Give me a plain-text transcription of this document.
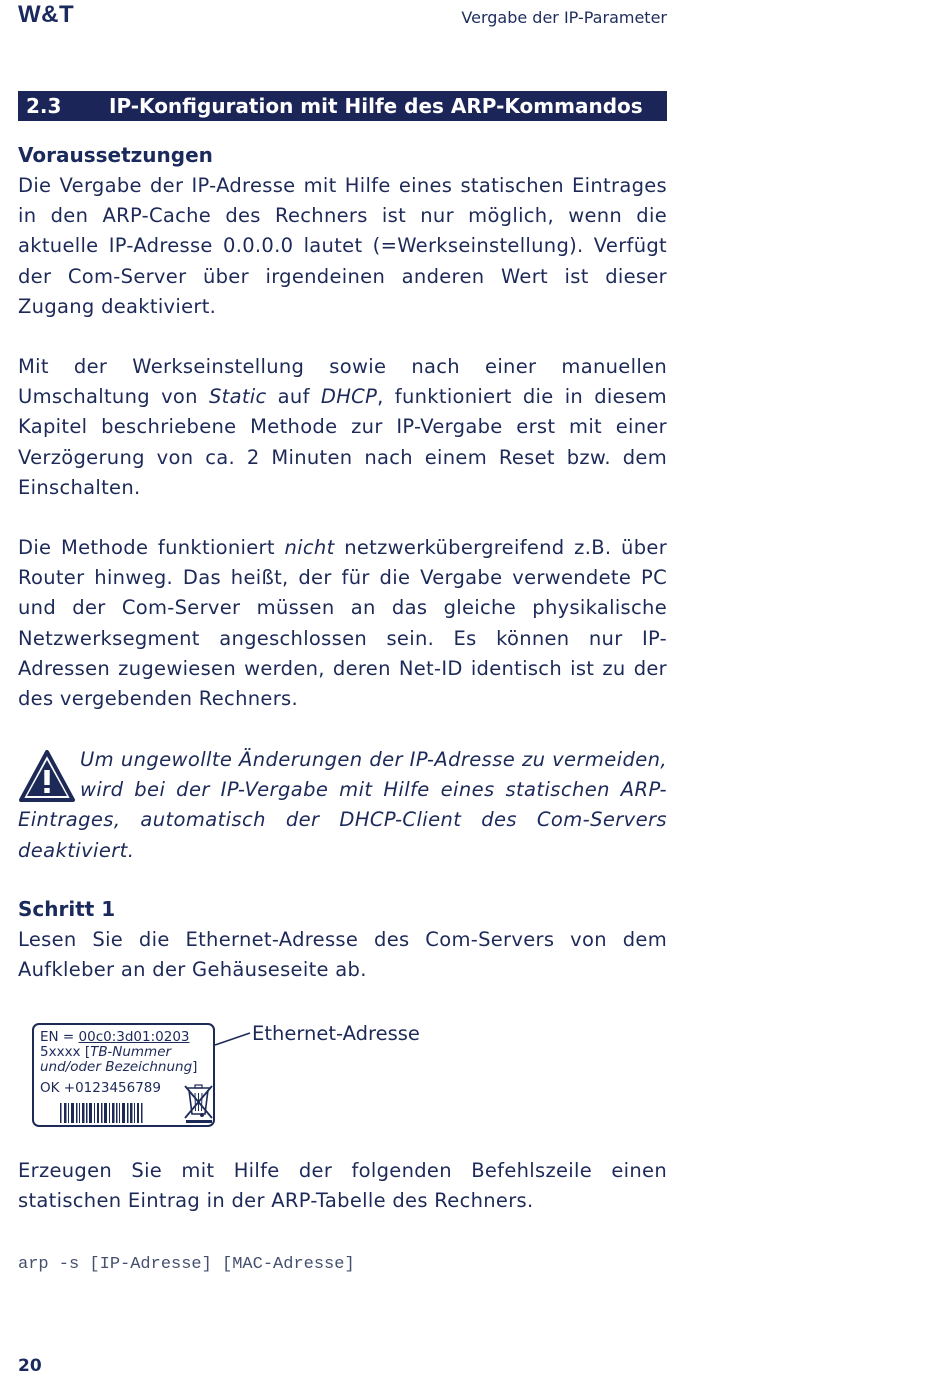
W&T	Vergabe der IP-Parameter
2.3 IP-Konfiguration mit Hilfe des ARP-Kommandos
Voraussetzungen
Die Vergabe der IP-Adresse mit Hilfe eines statischen Eintrages in den ARP-Cache des Rechners ist nur möglich, wenn die aktuelle IP-Adresse 0.0.0.0 lautet (=Werkseinstellung). Verfügt der Com-Server über irgendeinen anderen Wert ist dieser Zugang deaktiviert.
Mit der Werkseinstellung sowie nach einer manuellen Umschaltung von Static auf DHCP, funktioniert die in diesem Kapitel beschriebene Methode zur IP-Vergabe erst mit einer Verzögerung von ca. 2 Minuten nach einem Reset bzw. dem Einschalten.
Die Methode funktioniert nicht netzwerkübergreifend z.B. über Router hinweg. Das heißt, der für die Vergabe verwendete PC und der Com-Server müssen an das gleiche physikalische Netzwerksegment angeschlossen sein. Es können nur IP-Adressen zugewiesen werden, deren Net-ID identisch ist zu der des vergebenden Rechners.
Um ungewollte Änderungen der IP-Adresse zu vermeiden, wird bei der IP-Vergabe mit Hilfe eines statischen ARP-Eintrages, automatisch der DHCP-Client des Com-Servers deaktiviert.
Schritt 1
Lesen Sie die Ethernet-Adresse des Com-Servers von dem Aufkleber an der Gehäuseseite ab.
EN = 00c0:3d01:0203
5xxxx [TB-Nummer
und/oder Bezeichnung]
OK +0123456789
Ethernet-Adresse
Erzeugen Sie mit Hilfe der folgenden Befehlszeile einen statischen Eintrag in der ARP-Tabelle des Rechners.
arp -s [IP-Adresse] [MAC-Adresse]
20
